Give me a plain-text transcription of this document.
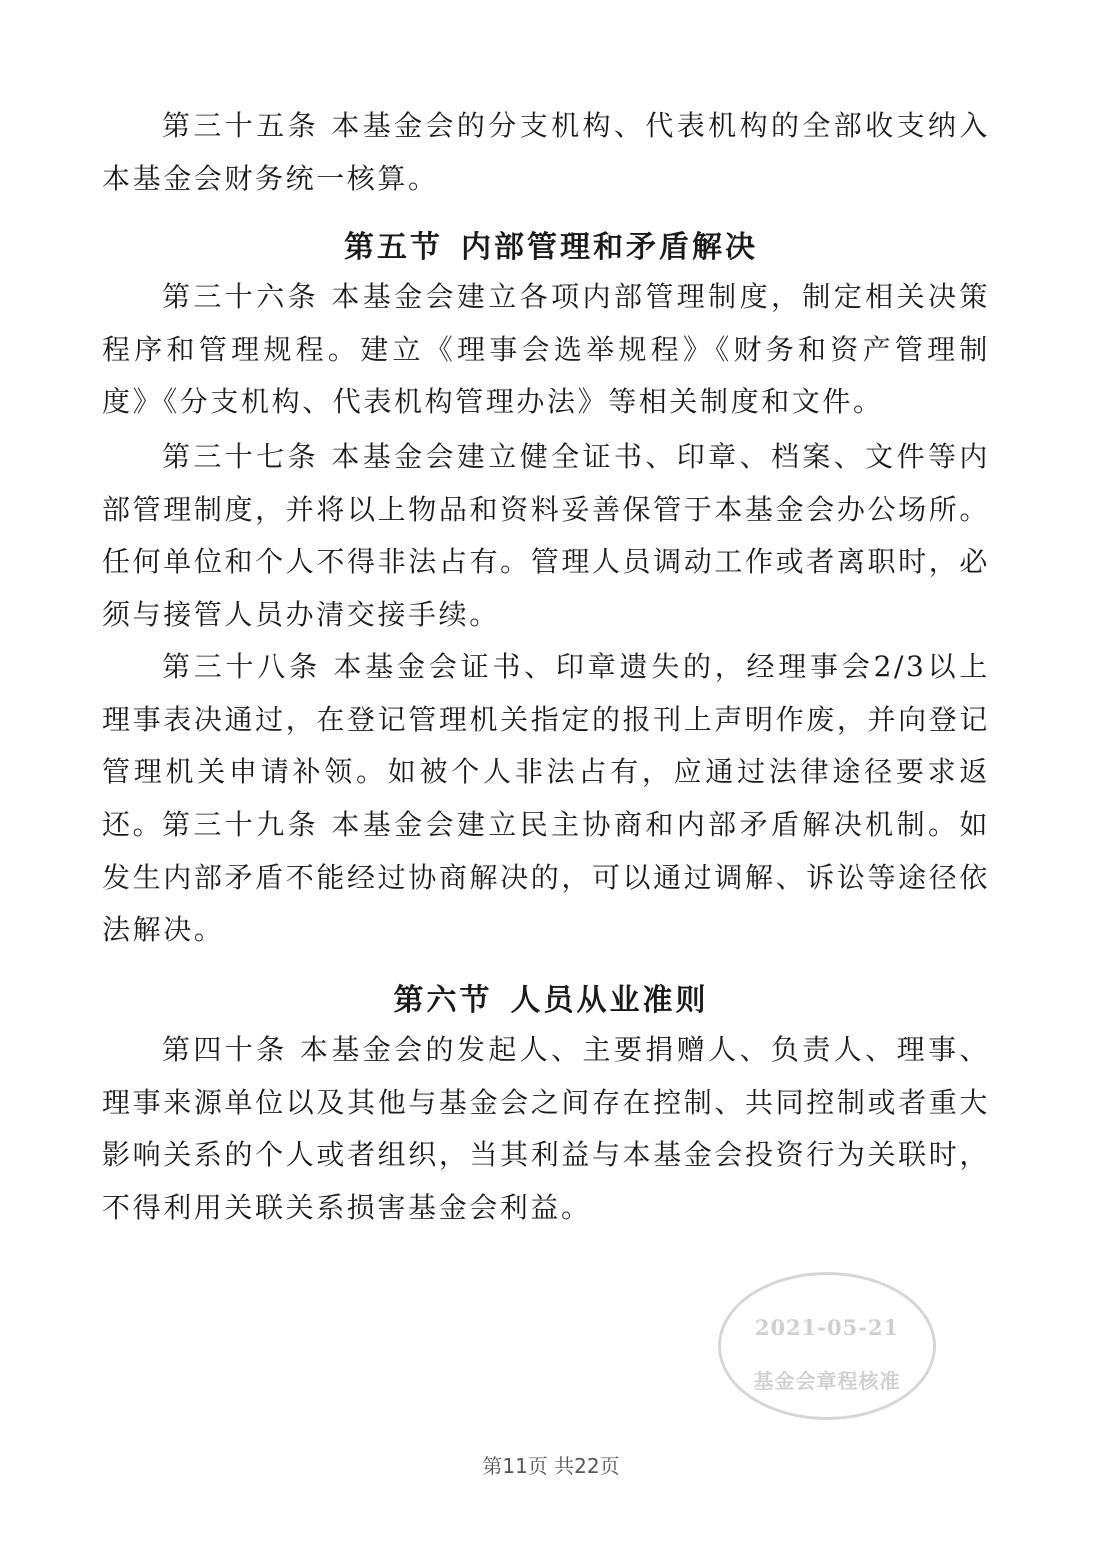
第三十五条 本基金会的分支机构、代表机构的全部收支纳入本基金会财务统一核算。

第五节 内部管理和矛盾解决

第三十六条 本基金会建立各项内部管理制度，制定相关决策程序和管理规程。建立《理事会选举规程》《财务和资产管理制度》《分支机构、代表机构管理办法》等相关制度和文件。

第三十七条 本基金会建立健全证书、印章、档案、文件等内部管理制度，并将以上物品和资料妥善保管于本基金会办公场所。任何单位和个人不得非法占有。管理人员调动工作或者离职时，必须与接管人员办清交接手续。

第三十八条 本基金会证书、印章遗失的，经理事会2/3以上理事表决通过，在登记管理机关指定的报刊上声明作废，并向登记管理机关申请补领。如被个人非法占有，应通过法律途径要求返还。

第三十九条 本基金会建立民主协商和内部矛盾解决机制。如发生内部矛盾不能经过协商解决的，可以通过调解、诉讼等途径依法解决。

第六节 人员从业准则

第四十条 本基金会的发起人、主要捐赠人、负责人、理事、理事来源单位以及其他与基金会之间存在控制、共同控制或者重大影响关系的个人或者组织，当其利益与本基金会投资行为关联时，不得利用关联关系损害基金会利益。

2021-05-21
基金会章程核准
第11页 共22页
